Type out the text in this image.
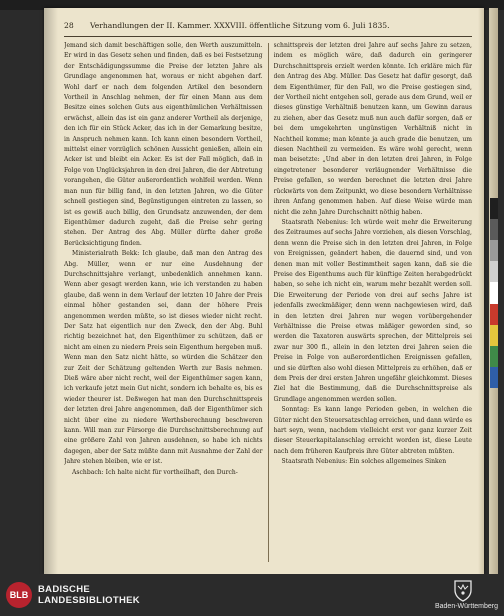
28	Verhandlungen der II. Kammer. XXXVIII. öffentliche Sitzung vom 6. Juli 1835.

Jemand sich damit beschäftigen solle, den Werth auszumitteln. Er wird in das Gesetz sehen und finden, daß es bei Festsetzung der Entschädigungssumme die Preise der letzten Jahre als Grundlage angenommen hat, woraus er nicht abgehen darf. Wohl darf er nach dem folgenden Artikel den besondern Vortheil in Anschlag nehmen, der für einen Mann aus dem Besitze eines solchen Guts aus eigenthümlichen Verhältnissen erwächst, allein das ist ein ganz anderer Vortheil als derjenige, den ich für ein Stück Acker, das ich in der Gemarkung besitze, in Anspruch nehmen kann. Ich kann einen besondern Vortheil, mittelst einer vorzüglich schönen Aussicht genießen, allein ein Acker ist und bleibt ein Acker. Es ist der Fall möglich, daß in Folge von Unglücksjahren in den drei Jahren, die der Abtretung vorangehen, die Güter außerordentlich wohlfeil werden. Wenn man nun für billig fand, in den letzten Jahren, wo die Güter schnell gestiegen sind, Begünstigungen eintreten zu lassen, so ist es gewiß auch billig, den Grundsatz anzuwenden, der dem Eigenthümer dadurch zugeht, daß die Preise sehr gering stehen. Der Antrag des Abg. Müller dürfte daher große Berücksichtigung finden.

Ministerialrath Bekk: Ich glaube, daß man den Antrag des Abg. Müller, wenn er nur eine Ausdehnung der Durchschnittsjahre verlangt, unbedenklich annehmen kann. Wenn aber gesagt werden kann, wie ich verstanden zu haben glaube, daß wenn in dem Verlauf der letzten 10 Jahre der Preis einmal höher gestanden sei, dann der höhere Preis angenommen werden müßte, so ist dieses wieder nicht recht. Der Satz hat eigentlich nur den Zweck, den der Abg. Buhl richtig bezeichnet hat, den Eigenthümer zu schützen, daß er nicht am einen zu niedern Preis sein Eigenthum hergeben muß. Wenn man den Satz nicht hätte, so würden die Schätzer den zur Zeit der Schätzung geltenden Werth zur Basis nehmen. Dieß wäre aber nicht recht, weil der Eigenthümer sagen kann, ich verkaufe jetzt mein Gut nicht, sondern ich behalte es, bis es wieder theurer ist. Deßwegen hat man den Durchschnittspreis der letzten drei Jahre angenommen, daß der Eigenthümer sich nicht über eine zu niedere Werthsberechnung beschweren kann. Will man zur Fürsorge die Durchschnittsberechnung auf eine größere Zahl von Jahren ausdehnen, so habe ich nichts dagegen, aber der Satz müßte dann mit Ausnahme der Zahl der Jahre stehen bleiben, wie er ist.

Aschbach: Ich halte nicht für vortheilhaft, den Durch-

schnittspreis der letzten drei Jahre auf sechs Jahre zu setzen, indem es möglich wäre, daß dadurch ein geringerer Durchschnittspreis erzielt werden könnte. Ich erkläre mich für den Antrag des Abg. Müller. Das Gesetz hat dafür gesorgt, daß dem Eigenthümer, für den Fall, wo die Preise gestiegen sind, der Vortheil nicht entgehen soll, gerade aus dem Grund, weil er dieses günstige Verhältniß benutzen kann, um Gewinn daraus zu ziehen, aber das Gesetz muß nun auch dafür sorgen, daß er bei dem umgekehrten ungünstigen Verhältniß nicht in Nachtheil komme; man könnte ja auch grade die benutzen, um diesen Nachtheil zu vermeiden. Es wäre wohl gerecht, wenn man beisetzte: „Und aber in den letzten drei Jahren, in Folge eingetretener besonderer verläugnender Verhältnisse die Preise gefallen, so werden berechnet die letzten drei Jahre rückwärts von dem Zeitpunkt, wo diese besondern Verhältnisse ihren Anfang genommen haben. Auf diese Weise würde man nicht die zehn Jahre Durchschnitt nöthig haben.

Staatsrath Nebenius: Ich würde weit mehr die Erweiterung des Zeitraumes auf sechs Jahre vorziehen, als diesen Vorschlag, denn wenn die Preise sich in den letzten drei Jahren, in Folge von Ereignissen, geändert haben, die dauernd sind, und von denen man mit voller Bestimmtheit sagen kann, daß sie die Preise des Eigenthums auch für künftige Zeiten herabgedrückt haben, so sehe ich nicht ein, warum mehr bezahlt werden soll. Die Erweiterung der Periode von drei auf sechs Jahre ist jedenfalls zweckmäßiger, denn wenn nachgewiesen wird, daß in den letzten drei Jahren nur wegen vorübergehender Verhältnisse die Preise etwas mäßiger geworden sind, so werden die Taxatoren auswärts sprechen, der Mittelpreis sei zwar nur 300 fl., allein in den letzten drei Jahren seien die Preise in Folge von außerordentlichen Ereignissen gefallen, und sie dürften also wohl diesen Mittelpreis zu erhöhen, daß er dem Preis der drei ersten Jahren ungefähr gleichkommt. Dieses Ziel hat die Bestimmung, daß die Durchschnittspreise als Grundlage angenommen werden sollen.

Sonntag: Es kann lange Perioden geben, in welchen die Güter nicht den Steuersatzschlag erreichen, und dann würde es hart seyn, wenn, nachdem vielleicht erst vor ganz kurzer Zeit dieser Steuerkapitalanschlag erreicht worden ist, diese Leute nach dem früheren Kaufpreis ihre Güter abtreten müßten.

Staatsrath Nebenius: Ein solches allgemeines Sinken

BLB BADISCHE
LANDESBIBLIOTHEK
Baden-Württemberg
